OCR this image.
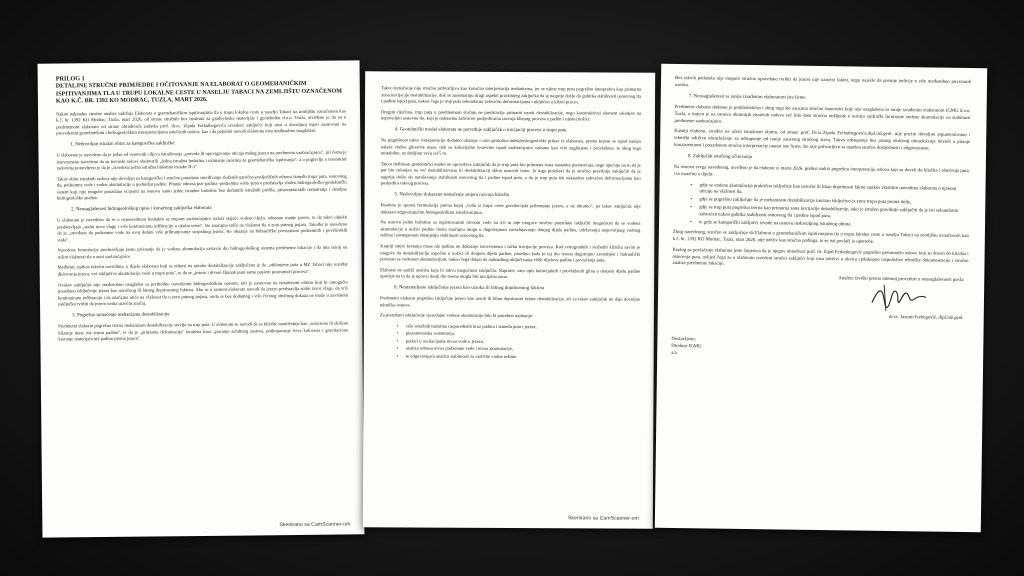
PRILOG 1
DETALJNE STRUČNE PRIMJEDBE I OČITOVANJE NA ELABORAT O GEOMEHANIČKIM ISPITIVANJIMA TLA U TRUPU LOKALNE CESTE U NASELJU TABACI NA ZEMLJIŠTU OZNAČENOM KAO K.Č. BR. 1392 KO MODRAC, TUZLA, MART 2026.

Nakon naknadne stručne analize sadržaja Elaborata o geomehaničkim ispitivanjima tla u trupu lokalne ceste u naselju Tabaci na zemljištu označenom kao k.č. br. 1392 KO Modrac, Tuzla, mart 2026, od strane stručnih lica Instituta za građevinske materijale i geotehniku d.o.o. Tuzla, utvrđeno je da su u predmetnom elaboratu od strane obrađivača zadatka prof. dr.sc. Zijada Ferhatbegovića izvedeni zaključci koji nisu u dovoljnoj mjeri zasnovani na provedenim geotehničkim i hidrogeološkim interpretacijama zatečenih uslova, kao i da pojedini navodi elaborata nisu međusobno usaglašeni.

1. Nedovoljan istražni obim za kategorička zaključke

U elaboratu je navedeno da je jedan od osnovnih ciljeva istraživanja „potvrda ili opovrgavanje uticaja malog jezera na predmetnu saobraćajnicu", pri čemu je istovremeno navedeno da su terenski radovi obuhvatili „jedna istražna bušotina i uzimanje uzoraka za geomehanička ispitivanja", a u poglavlju o terenskim radovima ponovljeno je da je „izvedena jedna istražna bušotina oznake B-1".

Takav obim istražnih radova nije dovoljan za kategoričko i stručno pouzdano utvrđivanje složenih uzročno-posljedičnih odnosa između trupa puta, osnovnog tla, podzemne vode i vodne akumulacije u podnožju padine. Pitanje odnosa put–padina–podzemna voda–jezero predstavlja složen hidrogeološko-geotehnički sistem koji nije moguće pouzdano ocijeniti na osnovu samo jedne istražne bušotine bez dodatnih istražnih profila, piezometarskih osmatranja i detaljne hidrogeološke analize.

2. Neusaglašenost hidrogeološkog opisa i konačnog zaključka elaborata

U elaboratu je navedeno da se u neposrednom kontaktu sa trupom saobraćajnice nalazi stajaće vodeno tijelo, odnosno manje jezero, te da takvi objekti predstavljaju „stalni izvor vlage i vrše kontinuiranu infiltraciju u okolni teren", što značajno utiče na vlažnost tla u zoni putnog pojasa. Također je navedeno da je „utvrđeno da podzemne vode na ovoj dubini vrše prihranjivanje susjednog jezera, što ukazuje na hidrauličku povezanost podzemnih i površinskih voda".

Navedene formulacije predstavljaju jasno priznanje da je vodena akumulacija sastavni dio hidrogeološkog sistema predmetne lokacije i da ima uticaj na režim vlažnosti tla u zoni saobraćajnice.

Međutim, uprkos takvim navodima, u dijelu elaborata koji se odnosi na uzroke destabilizacije zaključeno je da „otklonjene puta u MZ Tabaci nije rezultat djelovanja jezera, već isključivo akumulacije vode u trupu puta", te da se „jezero i drveni šljunak puni samo pasivni posmatrači procesa".

Ovakav zaključak nije međusobno usaglašen sa prethodno navedenim hidrogeološkim opisom, niti je zasnovan na istraženom obimu koji bi omogućio pouzdano isključenje jezera kao uzročnog ili bitnog doprinosnog faktora. Ako se u samom elaboratu navodi da jezero predstavlja stalni izvor vlage, da vrši kontinuiranu infiltraciju i da značajno utiče na vlažnost tla u zoni putnog pojasa, onda se bez dodatnog i vrlo čvrstog stručnog dokaza ne može u završnom zaključku tvrditi da jezero nema uzročni značaj.

3. Pogrešno tumačenje mehanizma destabilizacije

Predmetni elaborat pogrešno tretira mehanizam destabilizacije stavlja na trup puta. U elaboratu se navodi da se klizište manifestuje kao „rotaciono ili složeno klizanje mase niz strmu padinu", te da je „primarna deformacija" izražena kroz „pucanje asfaltnog zastora, potkopavanje ivice kolovoza i gravitaciono kretanje materijala niz padinu prema jezeru".

Skenirano sa CamScanner-om

Takvo tumačenje nije stručno prihvatljivo kao konačna interpretacija mehanizma, jer se njime trup puta pogrešno interpretira kao primarna zona inicijacije destabilizacije, dok se zanemaruju drugi aspekti pravilnijeg zaključka da je najprije došlo do gubitka stabilnosti osnovnog tla i padine ispod puta, nakon čega je trup puta sekundarno zahvaćen deformacijama i uključen u klizni proces.

Drugim riječima, trup puta u predmetnom slučaju ne predstavlja primarni uzrok destabilizacije, nego konstruktivni element oslonjen na nepovoljno osnovno tlo, koji je naknadno zahvaćen posljedicama razvoja kliznog procesa u padini i njenoj nožici.

4. Geotehnički model elaborata ne potvrđuje zaključak o inicijaciji procesa u trupu puta

Na pogrešnost takve interpretacije dodatno ukazuje i sam geološko-inženjerskogeološki prikaz iz elaborata, prema kojem se ispod nasipa nalaze vlažne glinovite mase, dok su koluvijalne tvorevine ispod saobraćajnice opisane kao vrlo zaglinjene i provlažene, te zbog toga nestabilne, uz debljinu veću od 5 m.

Takvo definisan geotehnički model ne opravdava zaključak da je trup puta bio primarna zona nastanka poremećaja, nego upućuje na to da je put bio oslonjen na već destabilizovanu ili destabilizaciji sklon osnovni teren. Iz toga proizlazi da je stručno pravilnije zaključiti da je najprije došlo do narušavanja stabilnosti osnovnog tla i padine ispod puta, a da je trup puta tek naknadno zahvaćen deformacijama kao posljedica takvog procesa.

5. Nedovoljno dokazano tumačenje smjera razvoja klizišta

Posebno je sporna formulacija prema kojoj „voda iz trupa ceste gravitacijski prihranjuje jezero, a ne obratno", jer takav zaključak nije dokazan odgovarajućim hidrogeološkim istraživanjima.

Na osnovu jedne bušotine sa registrovanim nivoom vode na 3,0 m nije moguće stručno pouzdano isključiti mogućnost da se vodena akumulacija u nožici padine imala značajnu ulogu u dugotrajnom zavodnjavanju donjeg dijela padine, održavanju nepovoljnog vodnog režima i postepenom smanjenju stabilnosti osnovnog tla.

Krajnji smjer kretanja mase niz padinu ne dokazuje istovremeno i tačku inicijacije procesa. Kod retrogradnih i složenih klizišta savim je moguće da destabilizacija započne u nožici ili donjem dijelu padine, posebno kada je taj dio terena dugotrajno zavodnjen i hidraulički povezan sa vodenom akumulacijom, nakon čega dolazi do naknadnog uključivanja viših dijelova padine i povlačenja puta.

Elaborat ne sadrži analizu koja bi takvu mogućnost isključila. Naprotiv, sam opis koluvijalnih i provlaženih glina u donjem dijelu padine upućuje na to da je upravo donji dio terena mogla biti inicijalna zona.

6. Neutemeljeno isključenje jezera kao uzroka ili bitnog doprinosnog faktora

Predmetni elaborat pogrešno isključuje jezero kao uzrok ili bitan doprinosni faktor destabilizacije, ali za takav zaključak ne daje dovoljne tehničke osnove.

Za pouzdano isključenje vjerodajne vodene akumulacije bilo bi potrebno najmanje:

• više istražnih bušotina raspoređenih kroz padinu i između puta i jezera,
• piezometarska osmatranja,
• podaci o oscilacijama nivoa vode u jezeru,
• analiza odnosa nivoa podzemne vode i nivoa akumulacije,
• te odgovarajuća analiza stabilnosti za različite vodne režime.
Skenirano sa CamScanner-om

Bez takvih podataka nije moguće stručno opravdano tvrditi da jezero nije uzročni faktor, nego najviše da postoje indicije o više međusobno povezanih uzroka.

7. Neusaglašenost sa ranije izrađenim elaboratom iste firme

Predmetni elaborat dodatno je problematičan i zbog toga što zauzima stručno stanovište koje nije usaglašeno sa ranije izrađenim elaboratom IGMG d.o.o. Tuzla, u kojem je na osnovu obimnijih istražnih radova već bilo dato stručno mišljenje o uticaju vještački formirane vodene akumulacije na stabilnost predmetne saobraćajnice.

Kasniji elaborat, izrađen na užem istražnom obimu, od strane prof. Dr.sc.Zijada Ferhatbegovića,dipl.inž.geol. nije pružio dovoljno argumentovano i tehnički održivo obrazloženje za odstupanje od ranije zauzetog stručnog stava. Takvo odstupanje bez jasnog stručnog obrazloženja dovodi u pitanje konzistentnost i pouzdanost stručne interpretacije unutar iste firme, što nije prihvatljivo sa aspekta stručne dosljednosti i odgovornosti.

8. Zaključak stručnog očitovanja

Na osnovu svega navedenog, utvrđeno je da elaborat iz marta 2026. godine sadrži pogrešnu interpretaciju uslova koji su doveli do klizišta i oštećenja puta, i to naročito u dijelu:

• gdje se vodena akumulacija praktično isključuje kao uzročni ili bitan doprinosni faktor uprkos vlastitim navodima elaborata o njenom uticaju na vlažnost tla,
• gdje se pogrešno zaključuje da je mehanizam destabilizacije iniciran isključivo iz zone trupa puta prema dolje,
• gdje se trup puta pogrešno tretira kao primarna zona inicijacije destabilizacije, iako je stručno pravilnije zaključiti da je isti sekundarno zahvaćen nakon gubitka stabilnosti osnovnog tla i padine ispod puta,
• te gdje se kategorički zaključci izvode na osnovu nedovoljnog istražnog obima.

Zbog navedenog, stručno se zaključuje da Elaborat o geomehaničkim ispitivanjima tla u trupu lokalne ceste u naselju Tabaci na zemljištu označenom kao k.č. br. 1392 KO Modrac, Tuzla, mart 2026, nije održiv kao stručna podloga, te se isti povlači iz upotrebe.

Razlog za povlačenje elaborata jeste činjenica da je njegov obrađivač prof. dr. Zijad Ferhatbegović pogrešno protumačio uslove koji su doveli do klizišta i oštećenja puta, uslijed čega su u elaboratu izvedeni stručni zaključci koji nisu održivi u okviru cjelokupno raspoložive tehničke dokumentacije i stručne analize predmetne lokacije.

Analizu izvršio prema internoj proceduri o neusaglašenosti posla:
dr.sc. Jasmin Ivebegović, dipl.inž.geol.
Dostavljeno:
Direktor IGMG
a/a
